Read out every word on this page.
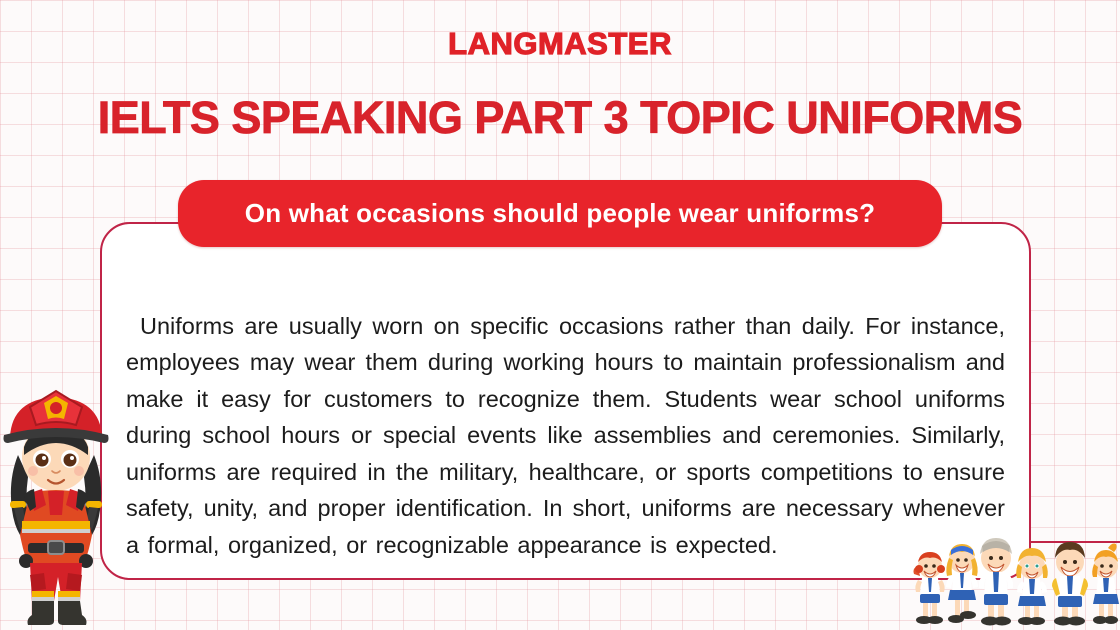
LANGMASTER
IELTS SPEAKING PART 3 TOPIC UNIFORMS
On what occasions should people wear uniforms?

Uniforms are usually worn on specific occasions rather than daily. For instance, employees may wear them during working hours to maintain professionalism and make it easy for customers to recognize them. Students wear school uniforms during school hours or special events like assemblies and ceremonies. Similarly, uniforms are required in the military, healthcare, or sports competitions to ensure safety, unity, and proper identification. In short, uniforms are necessary whenever a formal, organized, or recognizable appearance is expected.
